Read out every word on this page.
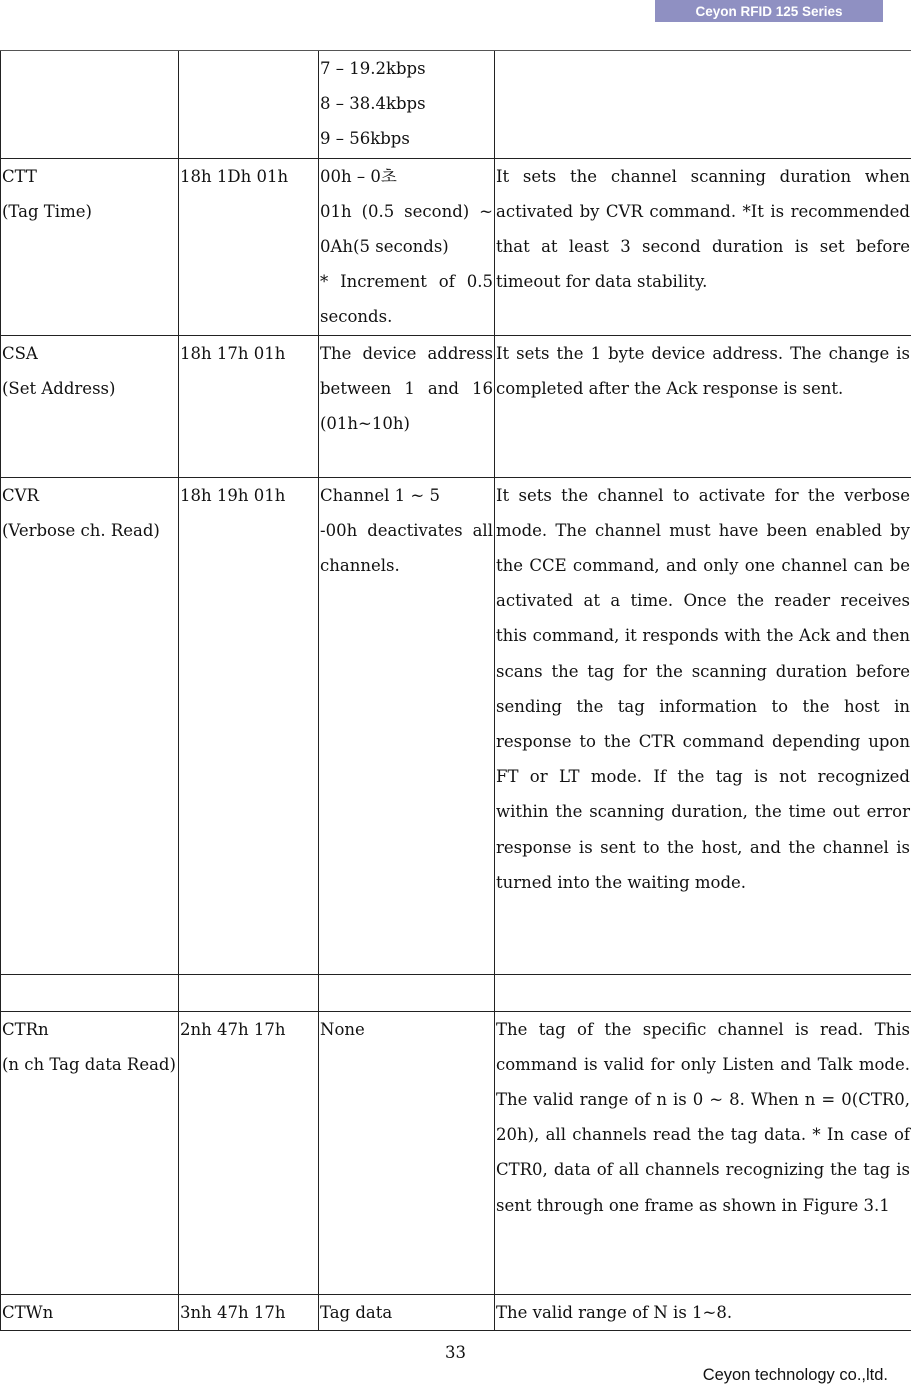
Ceyon RFID 125 Series

		7 – 19.2kbps
8 – 38.4kbps
9 – 56kbps	

CTT
(Tag Time)	18h 1Dh 01h	00h – 0초
01h (0.5 second) ~ 0Ah(5 seconds)
* Increment of 0.5 seconds.	It sets the channel scanning duration when activated by CVR command. *It is recommended that at least 3 second duration is set before timeout for data stability.

CSA
(Set Address)	18h 17h 01h	The device address between 1 and 16 (01h~10h)	It sets the 1 byte device address. The change is completed after the Ack response is sent.

CVR
(Verbose ch. Read)	18h 19h 01h	Channel 1 ~ 5
-00h deactivates all channels.	It sets the channel to activate for the verbose mode. The channel must have been enabled by the CCE command, and only one channel can be activated at a time. Once the reader receives this command, it responds with the Ack and then scans the tag for the scanning duration before sending the tag information to the host in response to the CTR command depending upon FT or LT mode. If the tag is not recognized within the scanning duration, the time out error response is sent to the host, and the channel is turned into the waiting mode.

CTRn
(n ch Tag data Read)	2nh 47h 17h	None	The tag of the specific channel is read. This command is valid for only Listen and Talk mode. The valid range of n is 0 ~ 8. When n = 0(CTR0, 20h), all channels read the tag data. * In case of CTR0, data of all channels recognizing the tag is sent through one frame as shown in Figure 3.1

CTWn	3nh 47h 17h	Tag data	The valid range of N is 1~8.
33
Ceyon technology co.,ltd.
